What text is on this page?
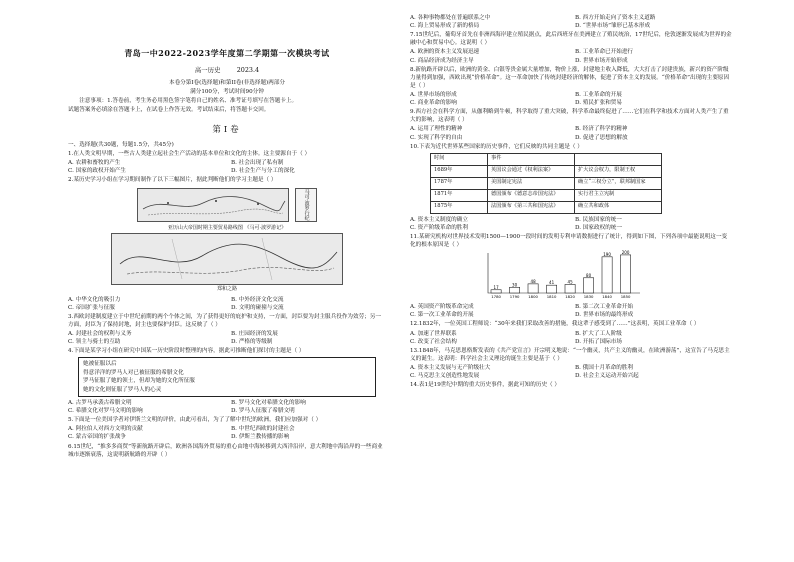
青岛一中2022-2023学年度第二学期第一次模块考试
高一历史	2023.4
本卷分第I卷(选择题)和第II卷(非选择题)两部分
满分100分，考试时间90分钟
注意事项：1.答卷前，考生务必用黑色签字笔将自己的姓名、准考证号填写在答题卡上。
试题答案务必填涂在答题卡上，在试卷上作答无效。考试结束后，将答题卡交回。
第I卷
一、选择题(共30题，每题1.5分，共45分)
1.在人类文明早期，一些古人类建立起社会生产活动的基本单位和文化的主体。这主要源自于（ ）
A. 农耕和畜牧的产生	B. 社会出现了私有制
C. 国家的政权开始产生	D. 社会生产与分工的深化
2.某历史学习小组在学习期间制作了以下三幅图片，据此判断他们的学习主题是（ ）
马可·波罗行纪
亚历山大帝国时期主要贸易路线图 《马可·波罗游记》
郑和之路
A. 中华文化的吸引力	B. 中外经济文化交流
C. 帝国扩张与征服	D. 文明的碰撞与交流
3.西欧封建制度建立于中世纪前期的两个个体之间，为了获得更好的庇护和支持，一方面，封臣要为封主服兵役作为效劳；另一方面，封臣为了保持封地，封主也要保护封臣。这反映了（ ）
A. 封建社会的权利与义务	B. 庄园经济的发展
C. 领主与骑士的互助	D. 严格的等级制
4.下面是某学习小组在研究中国某一历史阶段时整理的内容，据此可推断他们探讨的主题是（ ）
她被征服以后
得意洋洋的罗马人对已被征服的希腊文化
罗马征服了她的领土，但却为她的文化所征服
她的文化则征服了罗马人的心灵
A. 古罗马承袭古希腊文明	B. 罗马文化对希腊文化的影响
C. 希腊文化对罗马文明的影响	D. 罗马人征服了希腊文明
5.下面是一位美国学者对伊斯兰文明的评价，由此可看出，为了了解中世纪的欧洲，我们应加强对（ ）
A. 阿拉伯人对西方文明的贡献	B. 中世纪西欧的封建社会
C. 蒙古帝国的扩张战争	D. 伊斯兰教传播的影响
6.15世纪，“推多多商贸”等新航路开辟后，欧洲各国海外贸易的重心由地中海转移到大西洋沿岸，意大利地中海沿岸的一些商业城市逐渐衰落，这说明新航路的开辟（ ）
A. 各种事物都处在普遍联系之中	B. 西方开始走向了资本主义道路
C. 海上贸易形成了新的格局	D. “世界市场”雏形已基本形成
7.15世纪后，葡萄牙首先在非洲西海岸建立殖民据点，此后西班牙在美洲建立了殖民统治，17世纪后，伦敦逐渐发展成为世界的金融中心和贸易中心。这说明（ ）
A. 欧洲的资本主义发展迅速	B. 工业革命已开始进行
C. 商品经济成为经济主导	D. 世界市场开始形成
8.新航路开辟以后，欧洲的黄金、白银等贵金属大量增加，物价上涨，封建地主收入降低，大大打击了封建贵族，新兴的资产阶级力量得到加强，西欧出现“价格革命”。这一革命加快了传统封建经济的解体，促进了资本主义的发展。“价格革命”出现的主要原因是（ ）
A. 世界市场的形成	B. 工业革命的开展
C. 商业革命的影响	D. 殖民扩张和贸易
9.西方社会在科学方面，从伽利略到牛顿，科学取得了重大突破，科学革命最终促进了……它们在科学和技术方面对人类产生了重大的影响，这表明（ ）
A. 运用了理性的精神	B. 经济了科学的精神
C. 实现了科学的自由	D. 促进了思想的解放
10.下表为近代世界某些国家的历史事件，它们反映的共同主题是（ ）
时间	事件	
1689年	英国议会通过《权利法案》	扩大议会权力，限制王权
1787年	美国制定宪法	确立“三权分立”，联邦制国家
1871年	德国颁布《德意志帝国宪法》	实行君主立宪制
1875年	法国颁布《第三共和国宪法》	确立共和政体
A. 资本主义制度的确立	B. 民族国家的统一
C. 资产阶级革命的胜利	D. 国家政权的统一
11.某研究机构对世界技术发明1500—1900一段时间的发明专利申请数据进行了统计，得到如下图，下列各项中最能说明这一变化的根本原因是（ ）
17
1780
30
1790
48
1800
41
1810
45
1820
80
1830
190
1840
200
1850
A. 英国资产阶级革命完成	B. 第二次工业革命开始
C. 第一次工业革命的开展	D. 世界市场的最终形成
12.1832年，一位英国工程师说：“30年来我们采取改善的措施，我这辈子感受到了……”这表明，英国工业革命（ ）
A. 加速了世界联系	B. 扩大了工人阶级
C. 改变了社会结构	D. 开拓了国际市场
13.1848年，马克思恩格斯发表的《共产党宣言》开宗明义地说：“一个幽灵，共产主义的幽灵，在欧洲游荡”，这宣告了马克思主义的诞生。这表明：科学社会主义理论的诞生主要是基于（ ）
A. 资本主义发展与无产阶级壮大	B. 俄国十月革命的胜利
C. 马克思主义创造性地发展	D. 社会主义运动开始兴起
14.表1是19世纪中期的重大历史事件，据此可知的历史（ ）
